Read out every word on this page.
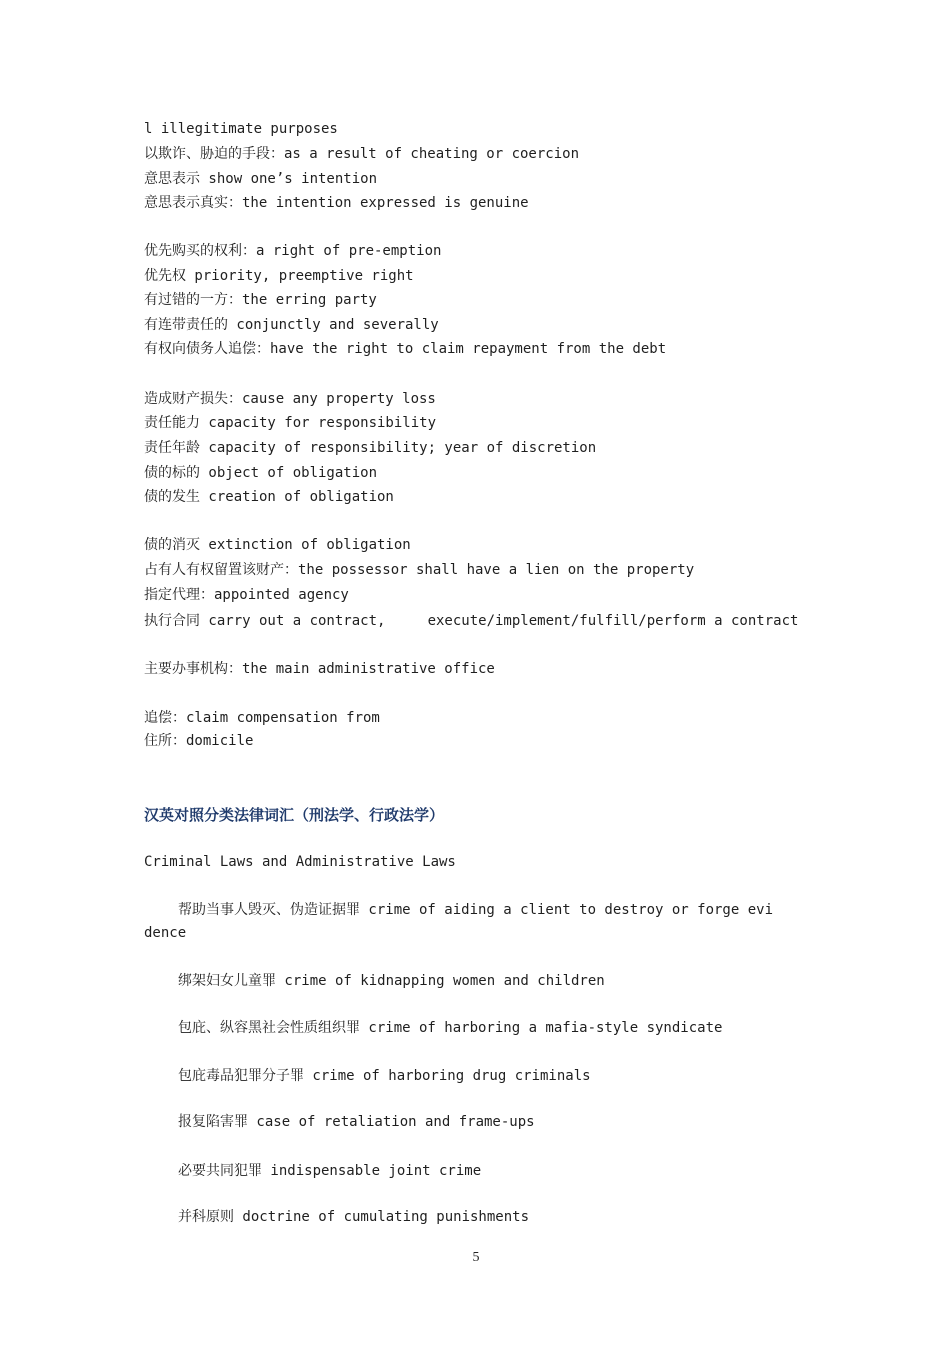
l illegitimate purposes
以欺诈、胁迫的手段：as a result of cheating or coercion
意思表示 show one’s intention
意思表示真实：the intention expressed is genuine
优先购买的权利：a right of pre-emption
优先权 priority, preemptive right
有过错的一方：the erring party
有连带责任的 conjunctly and severally
有权向债务人追偿：have the right to claim repayment from the debt
造成财产损失：cause any property loss
责任能力 capacity for responsibility
责任年龄 capacity of responsibility; year of discretion
债的标的 object of obligation
债的发生 creation of obligation
债的消灭 extinction of obligation
占有人有权留置该财产：the possessor shall have a lien on the property
指定代理：appointed agency
执行合同 carry out a contract,     execute/implement/fulfill/perform a contract
主要办事机构：the main administrative office
追偿：claim compensation from
住所：domicile
汉英对照分类法律词汇（刑法学、行政法学）
Criminal Laws and Administrative Laws
帮助当事人毁灭、伪造证据罪 crime of aiding a client to destroy or forge evi
dence
绑架妇女儿童罪 crime of kidnapping women and children
包庇、纵容黑社会性质组织罪 crime of harboring a mafia-style syndicate
包庇毒品犯罪分子罪 crime of harboring drug criminals
报复陷害罪 case of retaliation and frame-ups
必要共同犯罪 indispensable joint crime
并科原则 doctrine of cumulating punishments
5
